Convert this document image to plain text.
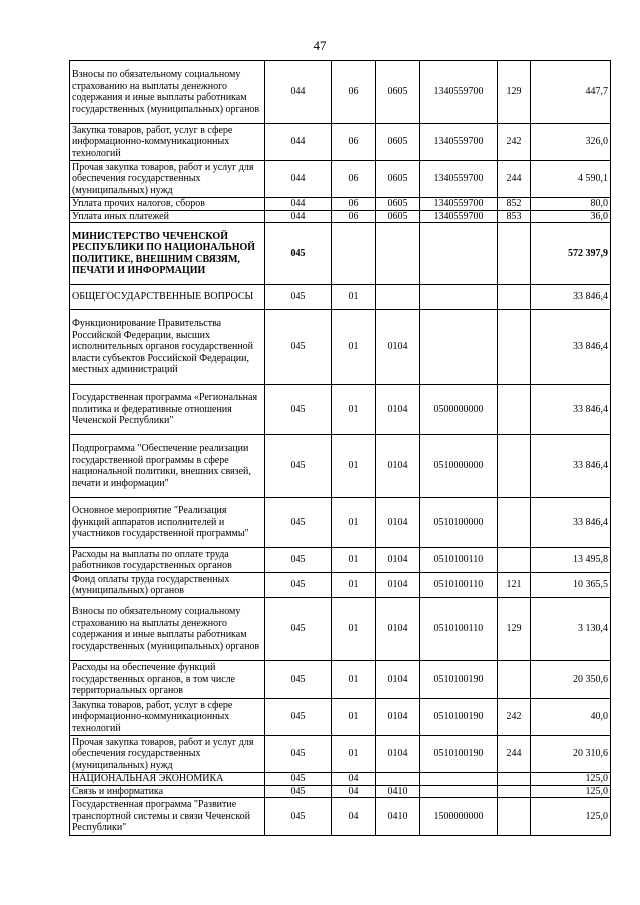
47
Взносы по обязательному социальному страхованию на выплаты денежного содержания и иные выплаты работникам государственных (муниципальных) органов	044	06	0605	1340559700	129	447,7
Закупка товаров, работ, услуг в сфере информационно-коммуникационных технологий	044	06	0605	1340559700	242	326,0
Прочая закупка товаров, работ и услуг для обеспечения государственных (муниципальных) нужд	044	06	0605	1340559700	244	4 590,1
Уплата прочих налогов, сборов	044	06	0605	1340559700	852	80,0
Уплата иных платежей	044	06	0605	1340559700	853	36,0
МИНИСТЕРСТВО ЧЕЧЕНСКОЙ РЕСПУБЛИКИ ПО НАЦИОНАЛЬНОЙ ПОЛИТИКЕ, ВНЕШНИМ СВЯЗЯМ, ПЕЧАТИ И ИНФОРМАЦИИ	045					572 397,9
ОБЩЕГОСУДАРСТВЕННЫЕ ВОПРОСЫ	045	01				33 846,4
Функционирование Правительства Российской Федерации, высших исполнительных органов государственной власти субъектов Российской Федерации, местных администраций	045	01	0104			33 846,4
Государственная программа «Региональная политика и федеративные отношения Чеченской Республики"	045	01	0104	0500000000		33 846,4
Подпрограмма "Обеспечение реализации государственной программы в сфере национальной политики, внешних связей, печати и информации"	045	01	0104	0510000000		33 846,4
Основное мероприятие "Реализация функций аппаратов исполнителей и участников государственной программы"	045	01	0104	0510100000		33 846,4
Расходы на выплаты по оплате труда работников государственных органов	045	01	0104	0510100110		13 495,8
Фонд оплаты труда государственных (муниципальных) органов	045	01	0104	0510100110	121	10 365,5
Взносы по обязательному социальному страхованию на выплаты денежного содержания и иные выплаты работникам государственных (муниципальных) органов	045	01	0104	0510100110	129	3 130,4
Расходы на обеспечение функций государственных органов, в том числе территориальных органов	045	01	0104	0510100190		20 350,6
Закупка товаров, работ, услуг в сфере информационно-коммуникационных технологий	045	01	0104	0510100190	242	40,0
Прочая закупка товаров, работ и услуг для обеспечения государственных (муниципальных) нужд	045	01	0104	0510100190	244	20 310,6
НАЦИОНАЛЬНАЯ ЭКОНОМИКА	045	04				125,0
Связь и информатика	045	04	0410			125,0
Государственная программа "Развитие транспортной системы и связи Чеченской Республики"	045	04	0410	1500000000		125,0
